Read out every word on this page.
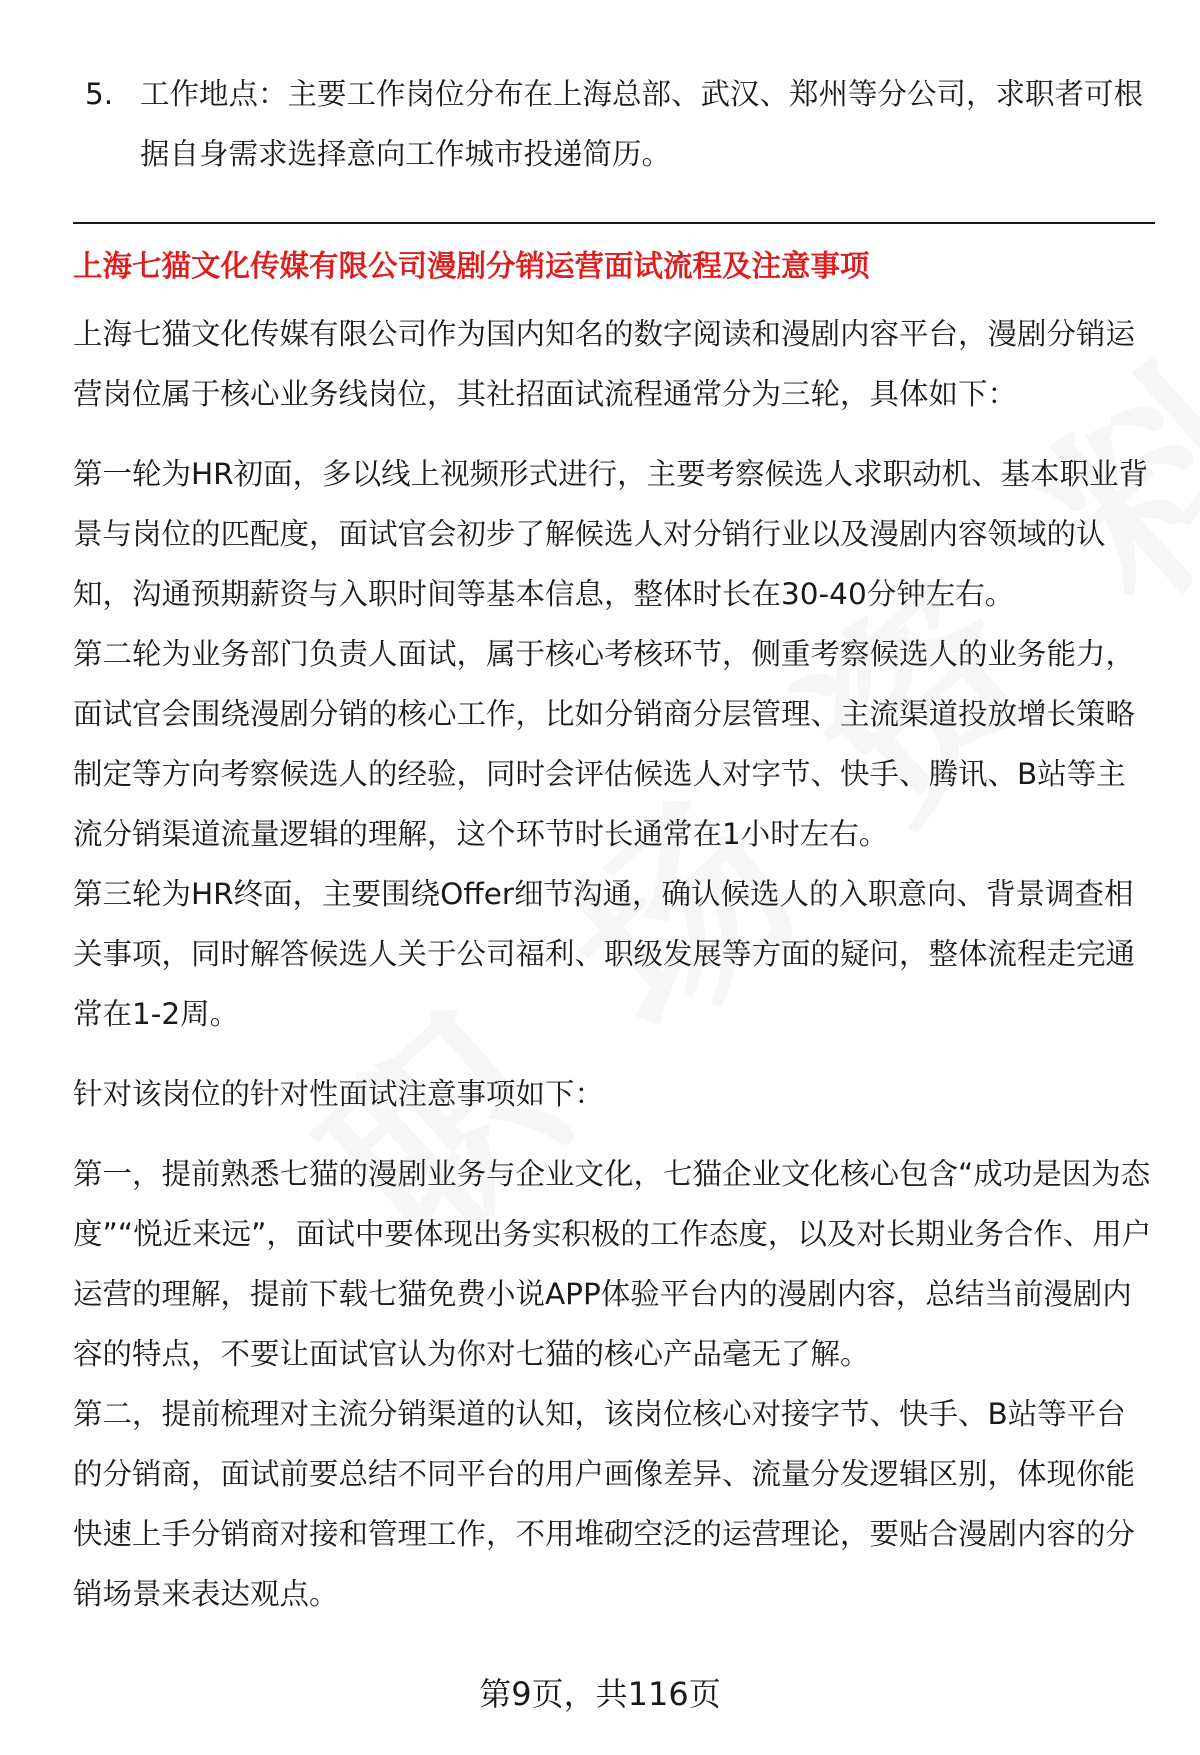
5. 工作地点：主要工作岗位分布在上海总部、武汉、郑州等分公司，求职者可根据自身需求选择意向工作城市投递简历。
上海七猫文化传媒有限公司漫剧分销运营面试流程及注意事项

上海七猫文化传媒有限公司作为国内知名的数字阅读和漫剧内容平台，漫剧分销运营岗位属于核心业务线岗位，其社招面试流程通常分为三轮，具体如下：

第一轮为HR初面，多以线上视频形式进行，主要考察候选人求职动机、基本职业背景与岗位的匹配度，面试官会初步了解候选人对分销行业以及漫剧内容领域的认知，沟通预期薪资与入职时间等基本信息，整体时长在30-40分钟左右。

第二轮为业务部门负责人面试，属于核心考核环节，侧重考察候选人的业务能力，面试官会围绕漫剧分销的核心工作，比如分销商分层管理、主流渠道投放增长策略制定等方向考察候选人的经验，同时会评估候选人对字节、快手、腾讯、B站等主流分销渠道流量逻辑的理解，这个环节时长通常在1小时左右。

第三轮为HR终面，主要围绕Offer细节沟通，确认候选人的入职意向、背景调查相关事项，同时解答候选人关于公司福利、职级发展等方面的疑问，整体流程走完通常在1-2周。

针对该岗位的针对性面试注意事项如下：

第一，提前熟悉七猫的漫剧业务与企业文化，七猫企业文化核心包含“成功是因为态度”“悦近来远”，面试中要体现出务实积极的工作态度，以及对长期业务合作、用户运营的理解，提前下载七猫免费小说APP体验平台内的漫剧内容，总结当前漫剧内容的特点，不要让面试官认为你对七猫的核心产品毫无了解。

第二，提前梳理对主流分销渠道的认知，该岗位核心对接字节、快手、B站等平台的分销商，面试前要总结不同平台的用户画像差异、流量分发逻辑区别，体现你能快速上手分销商对接和管理工作，不用堆砌空泛的运营理论，要贴合漫剧内容的分销场景来表达观点。

第9页，共116页
